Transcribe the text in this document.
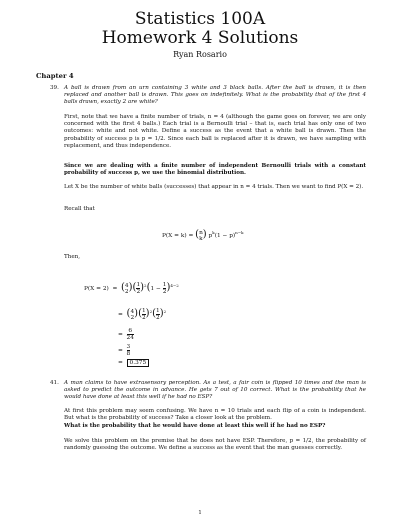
Statistics 100A
Homework 4 Solutions
Ryan Rosario
Chapter 4
39. A ball is drawn from an urn containing 3 white and 3 black balls. After the ball is drawn, it is then replaced and another ball is drawn. This goes on indefinitely. What is the probability that of the first 4 balls drawn, exactly 2 are white?

First, note that we have a finite number of trials, n = 4 (although the game goes on forever, we are only concerned with the first 4 balls.) Each trial is a Bernoulli trial – that is, each trial has only one of two outcomes: white and not white. Define a success as the event that a white ball is drawn. Then the probability of success p is p = 1/2. Since each ball is replaced after it is drawn, we have sampling with replacement, and thus independence.

Since we are dealing with a finite number of independent Bernoulli trials with a constant probability of success p, we use the binomial distribution.

Let X be the number of white balls (successes) that appear in n = 4 trials. Then we want to find P(X = 2).

Recall that

P(X = k) = ( n
k ) $p^k(1 - p)^{n-k}$

Then,

P(X = 2)  =  ( 4
2 )( $\frac{1}{2} )^2(1 - \frac{1}{2} )^{4-2}$
=  ( 4
2 )( $\frac{1}{2} )^2( \frac{1}{2} )^2$
= $\frac{6}{24}$
= $\frac{3}{8}$
=  0.375
41. A man claims to have extrasensory perception. As a test, a fair coin is flipped 10 times and the man is asked to predict the outcome in advance. He gets 7 out of 10 correct. What is the probability that he would have done at least this well if he had no ESP?

At first this problem may seem confusing. We have n = 10 trials and each flip of a coin is independent. But what is the probability of success? Take a closer look at the problem.

What is the probability that he would have done at least this well if he had no ESP?

We solve this problem on the premise that he does not have ESP. Therefore, p = 1/2, the probability of randomly guessing the outcome. We define a success as the event that the man guesses correctly.

1
